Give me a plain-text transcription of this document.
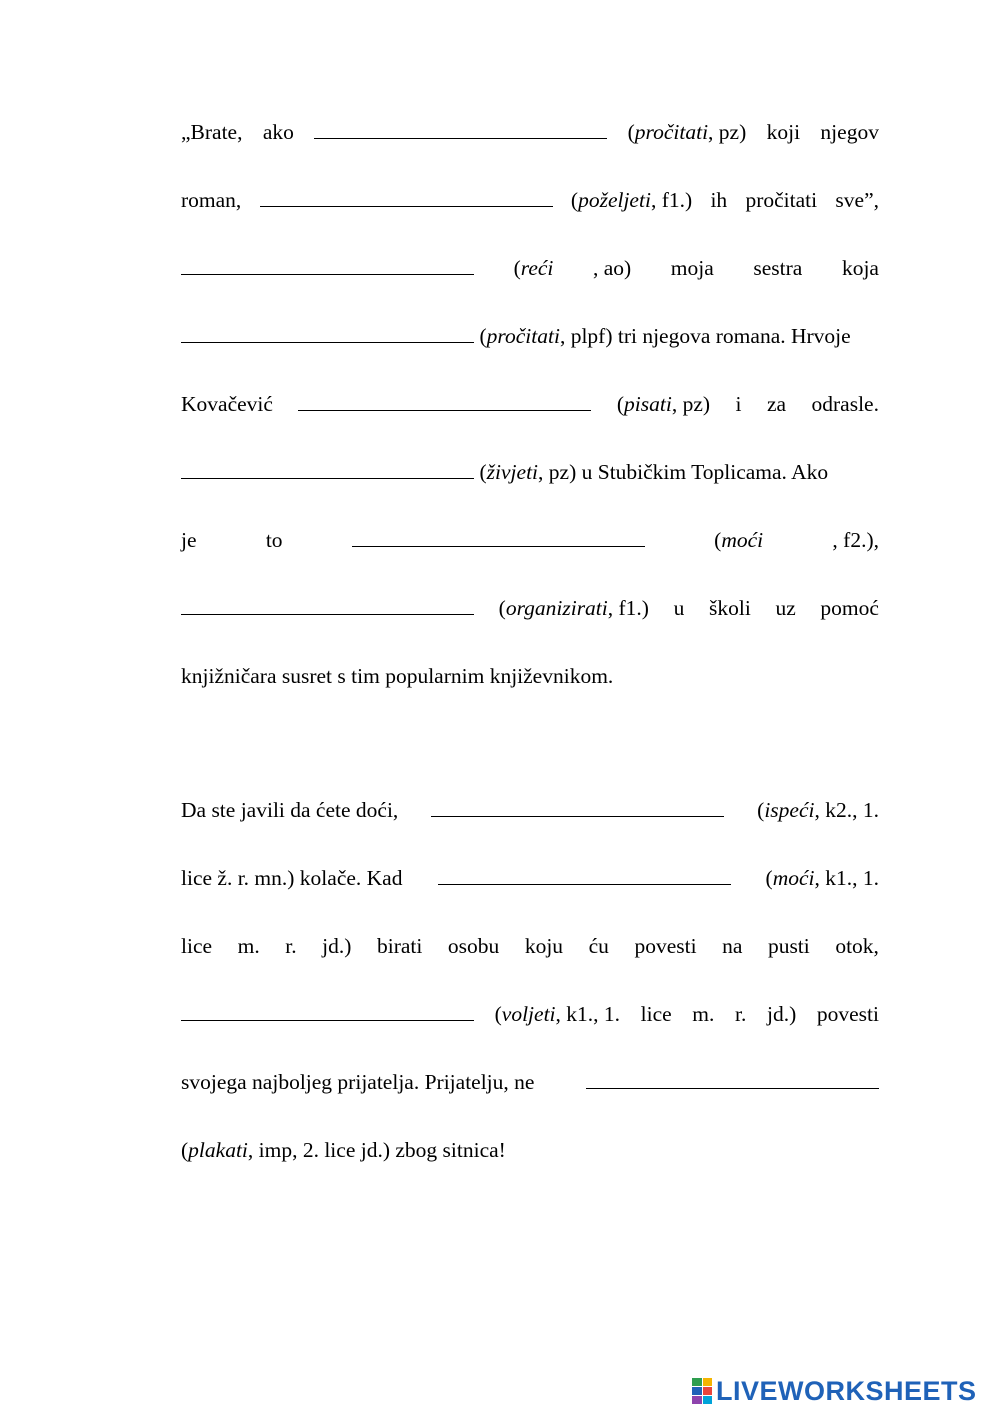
„Brate, ako	(pročitati, pz) koji njegov
roman,	(poželjeti, f1.) ih pročitati sve”,
(reći , ao) moja sestra koja
(pročitati, plpf) tri njegova romana. Hrvoje
Kovačević	(pisati, pz) i za odrasle.
(živjeti, pz) u Stubičkim Toplicama. Ako
je	to	(moći	, f2.),
(organizirati, f1.) u školi uz pomoć
knjižničara susret s tim popularnim književnikom.
Da ste javili da ćete doći,	(ispeći, k2., 1.
lice ž. r. mn.) kolače. Kad	(moći, k1., 1.
lice m. r. jd.) birati osobu koju ću povesti na pusti otok,
(voljeti, k1., 1. lice m. r. jd.) povesti
svojega najboljeg prijatelja. Prijatelju, ne
(plakati, imp, 2. lice jd.) zbog sitnica!
LIVEWORKSHEETS
